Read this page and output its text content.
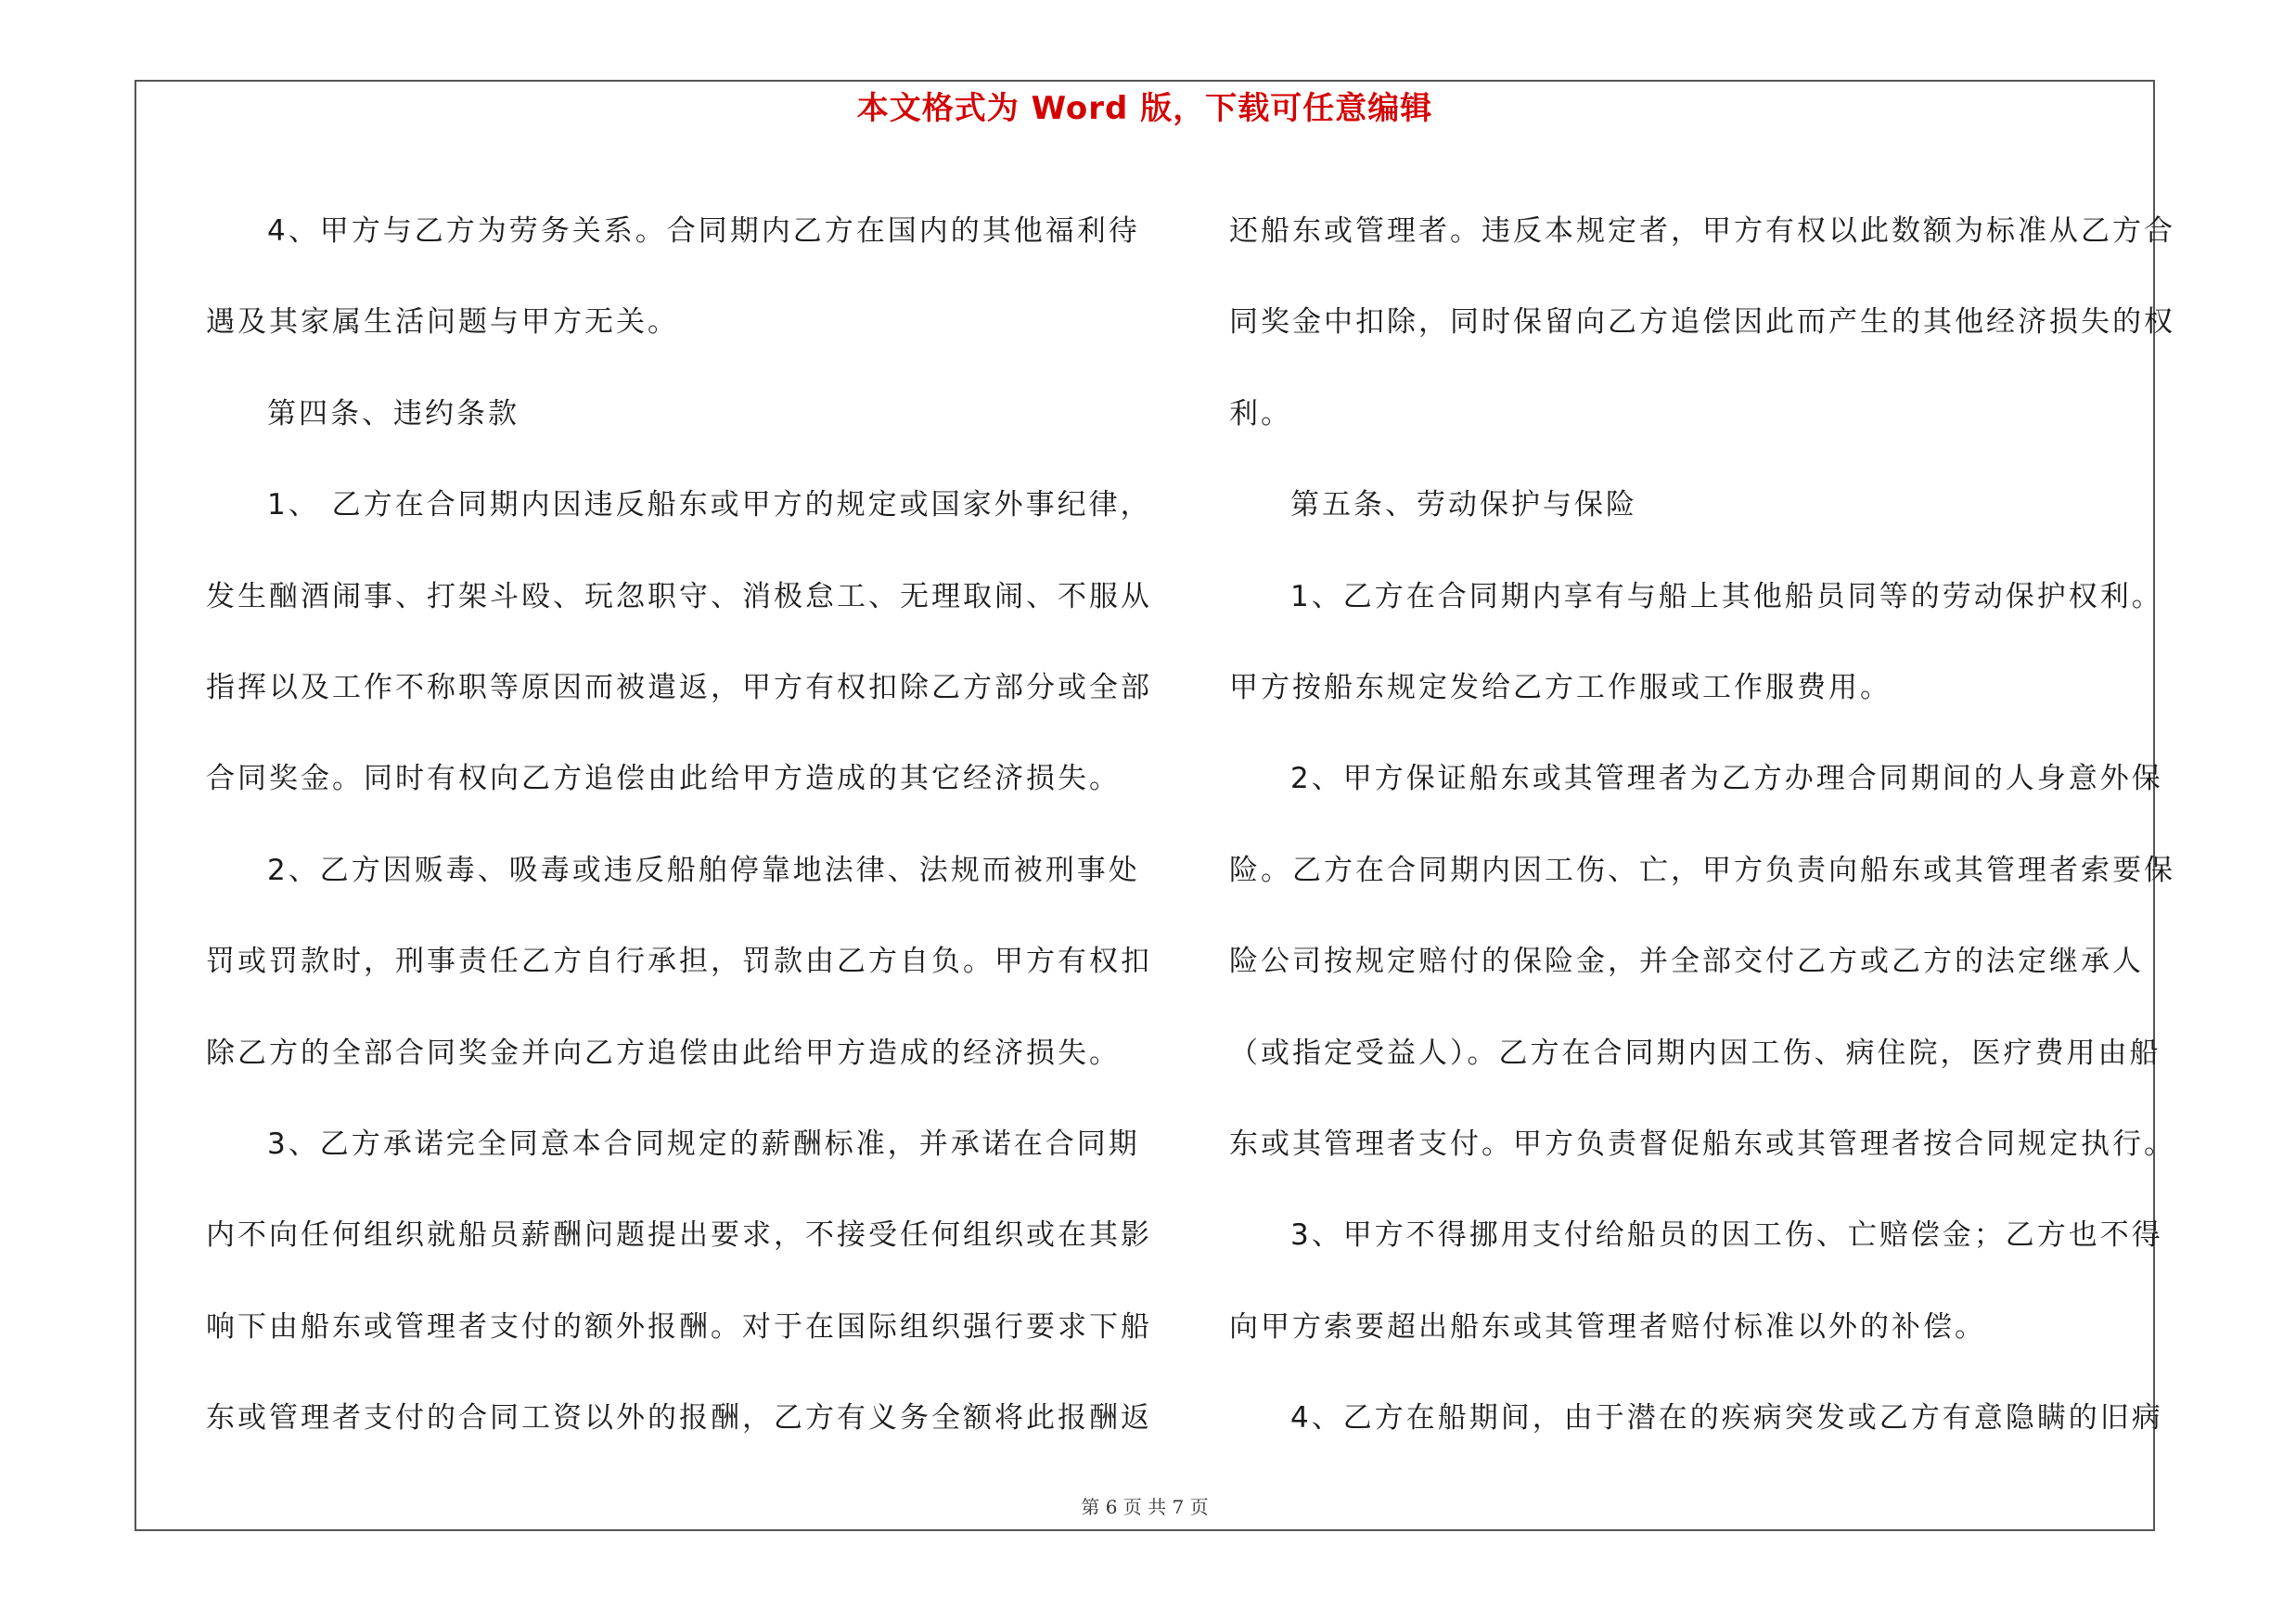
本文格式为 Word 版，下载可任意编辑
4、甲方与乙方为劳务关系。合同期内乙方在国内的其他福利待
遇及其家属生活问题与甲方无关。
第四条、违约条款
1、 乙方在合同期内因违反船东或甲方的规定或国家外事纪律，
发生酗酒闹事、打架斗殴、玩忽职守、消极怠工、无理取闹、不服从
指挥以及工作不称职等原因而被遣返，甲方有权扣除乙方部分或全部
合同奖金。同时有权向乙方追偿由此给甲方造成的其它经济损失。
2、乙方因贩毒、吸毒或违反船舶停靠地法律、法规而被刑事处
罚或罚款时，刑事责任乙方自行承担，罚款由乙方自负。甲方有权扣
除乙方的全部合同奖金并向乙方追偿由此给甲方造成的经济损失。
3、乙方承诺完全同意本合同规定的薪酬标准，并承诺在合同期
内不向任何组织就船员薪酬问题提出要求，不接受任何组织或在其影
响下由船东或管理者支付的额外报酬。对于在国际组织强行要求下船
东或管理者支付的合同工资以外的报酬，乙方有义务全额将此报酬返
还船东或管理者。违反本规定者，甲方有权以此数额为标准从乙方合
同奖金中扣除，同时保留向乙方追偿因此而产生的其他经济损失的权
利。
第五条、劳动保护与保险
1、乙方在合同期内享有与船上其他船员同等的劳动保护权利。
甲方按船东规定发给乙方工作服或工作服费用。
2、甲方保证船东或其管理者为乙方办理合同期间的人身意外保
险。乙方在合同期内因工伤、亡，甲方负责向船东或其管理者索要保
险公司按规定赔付的保险金，并全部交付乙方或乙方的法定继承人
（或指定受益人）。乙方在合同期内因工伤、病住院，医疗费用由船
东或其管理者支付。甲方负责督促船东或其管理者按合同规定执行。
3、甲方不得挪用支付给船员的因工伤、亡赔偿金；乙方也不得
向甲方索要超出船东或其管理者赔付标准以外的补偿。
4、乙方在船期间，由于潜在的疾病突发或乙方有意隐瞒的旧病
第 6 页 共 7 页
